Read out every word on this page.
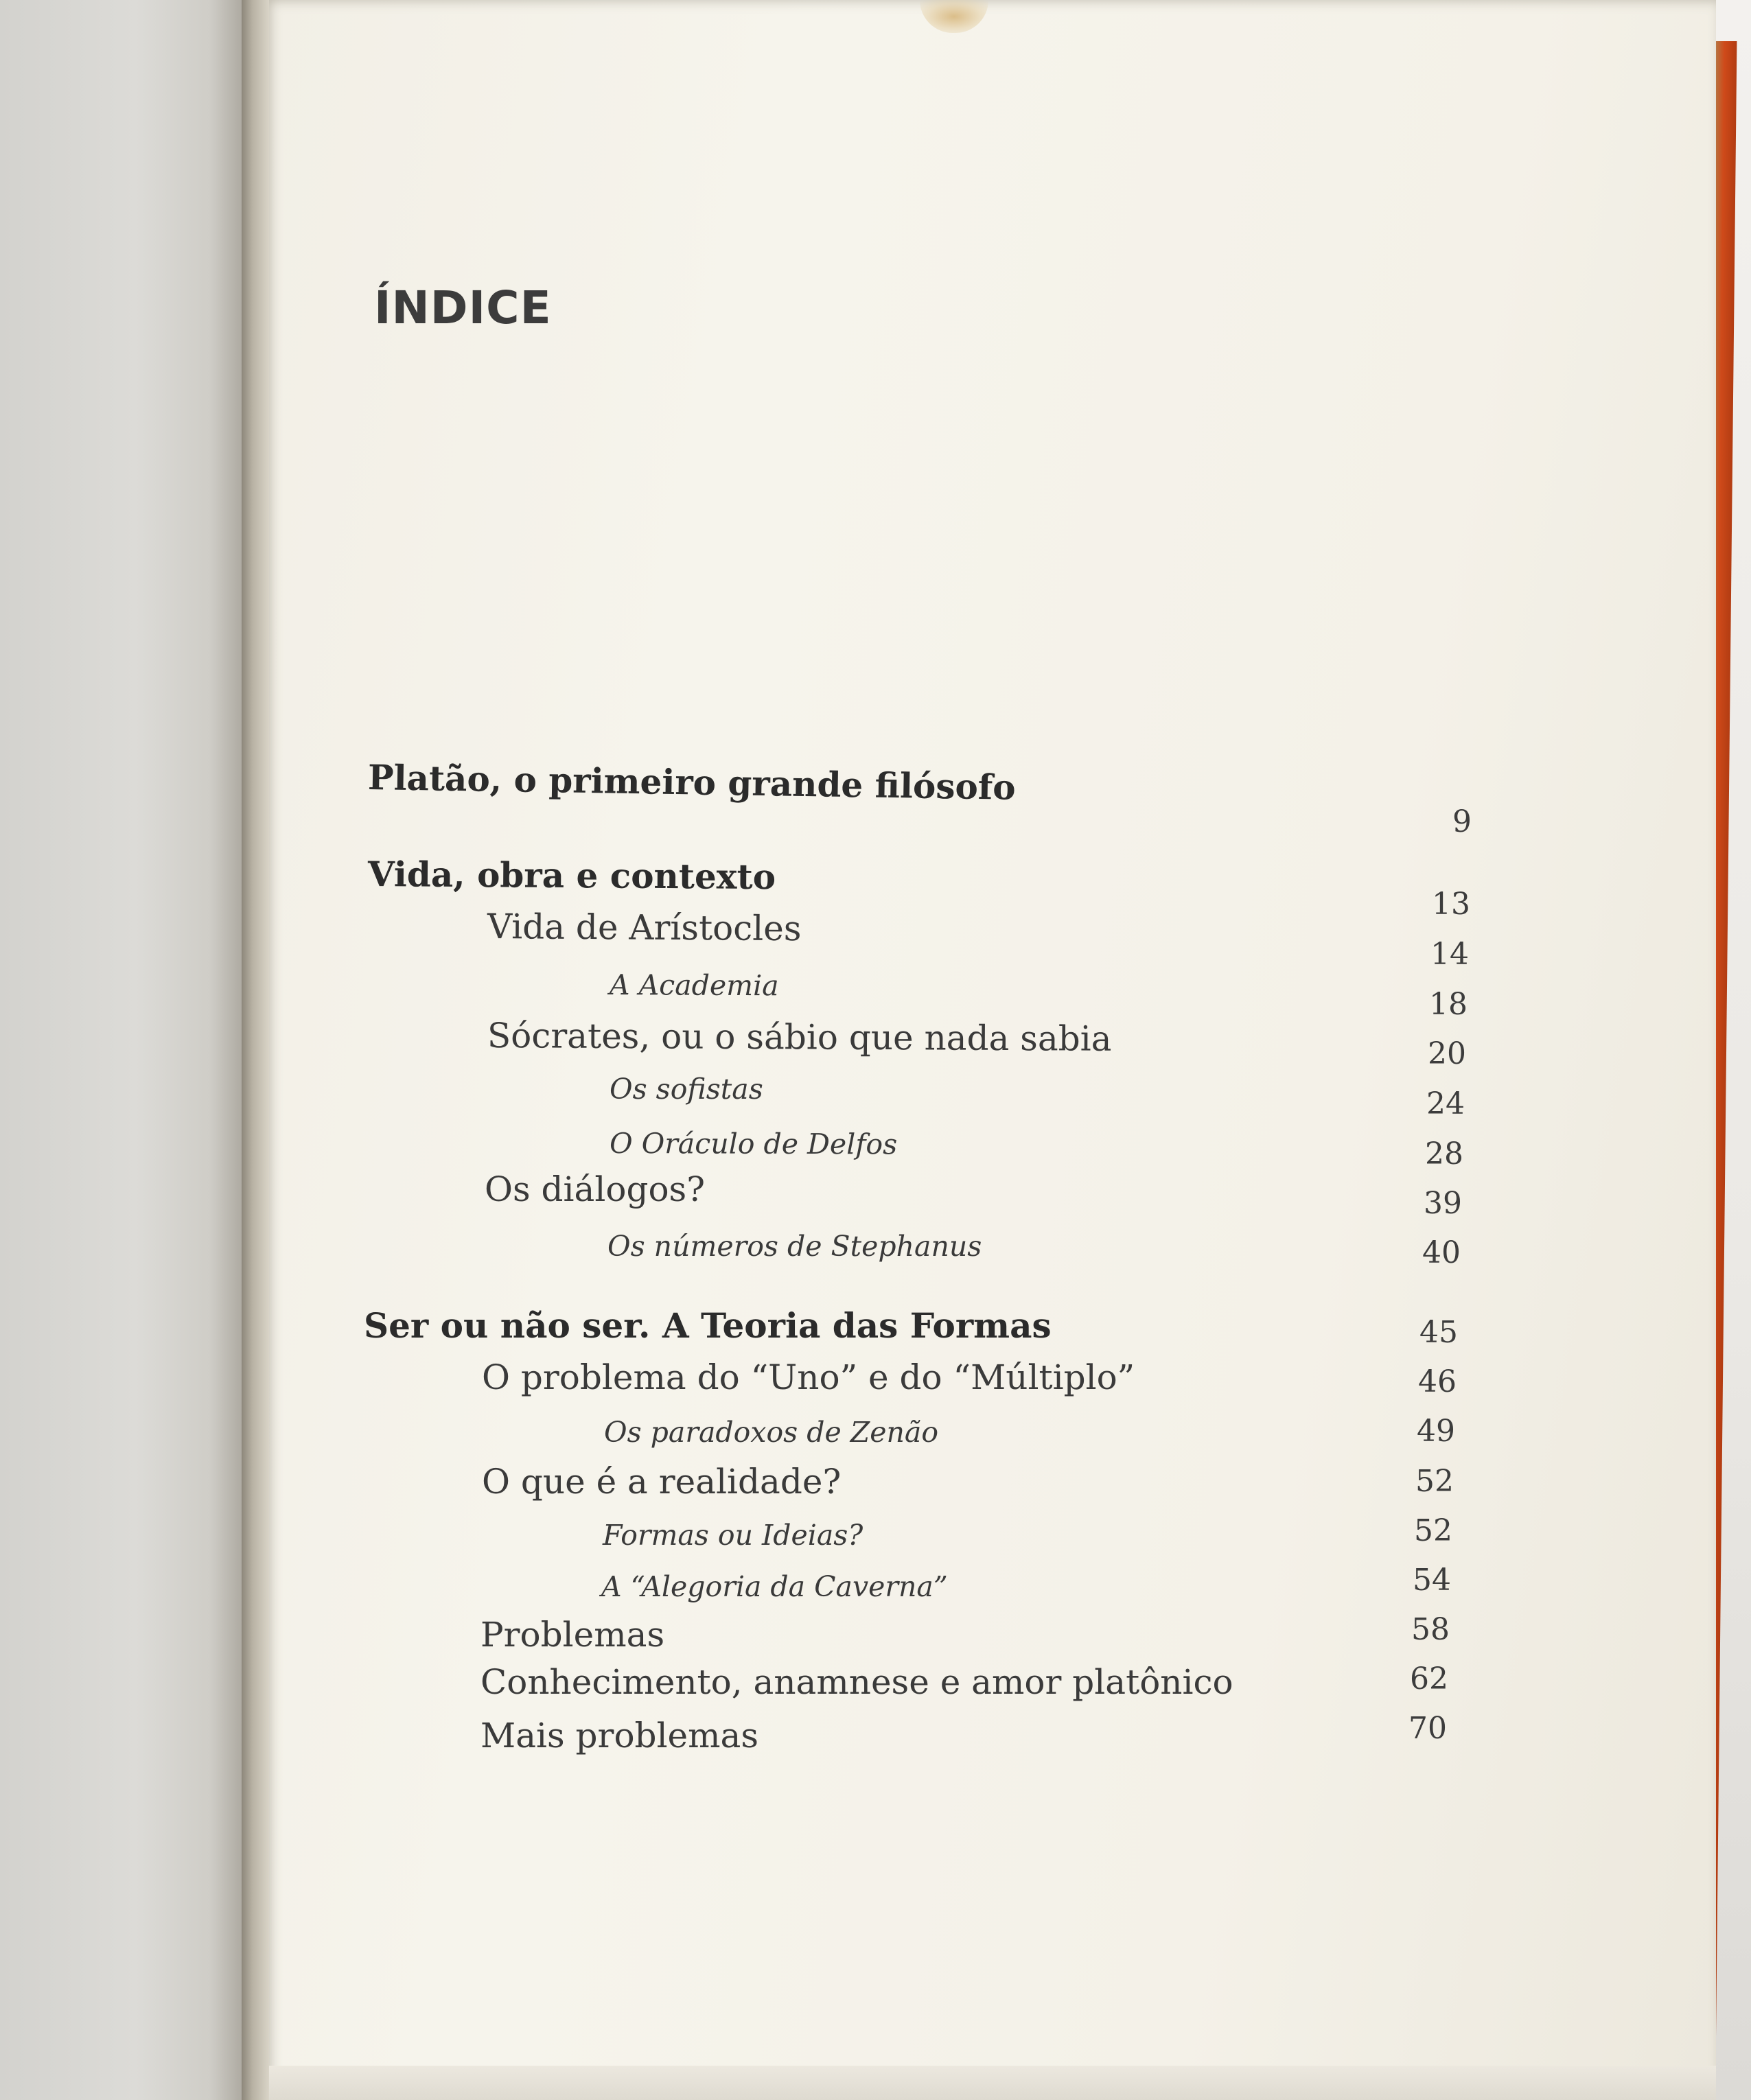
ÍNDICE
Platão, o primeiro grande filósofo
Vida, obra e contexto
Vida de Arístocles
A Academia
Sócrates, ou o sábio que nada sabia
Os sofistas
O Oráculo de Delfos
Os diálogos?
Os números de Stephanus
Ser ou não ser. A Teoria das Formas
O problema do “Uno” e do “Múltiplo”
Os paradoxos de Zenão
O que é a realidade?
Formas ou Ideias?
A “Alegoria da Caverna”
Problemas
Conhecimento, anamnese e amor platônico
Mais problemas
9
13
14
18
20
24
28
39
40
45
46
49
52
52
54
58
62
70
